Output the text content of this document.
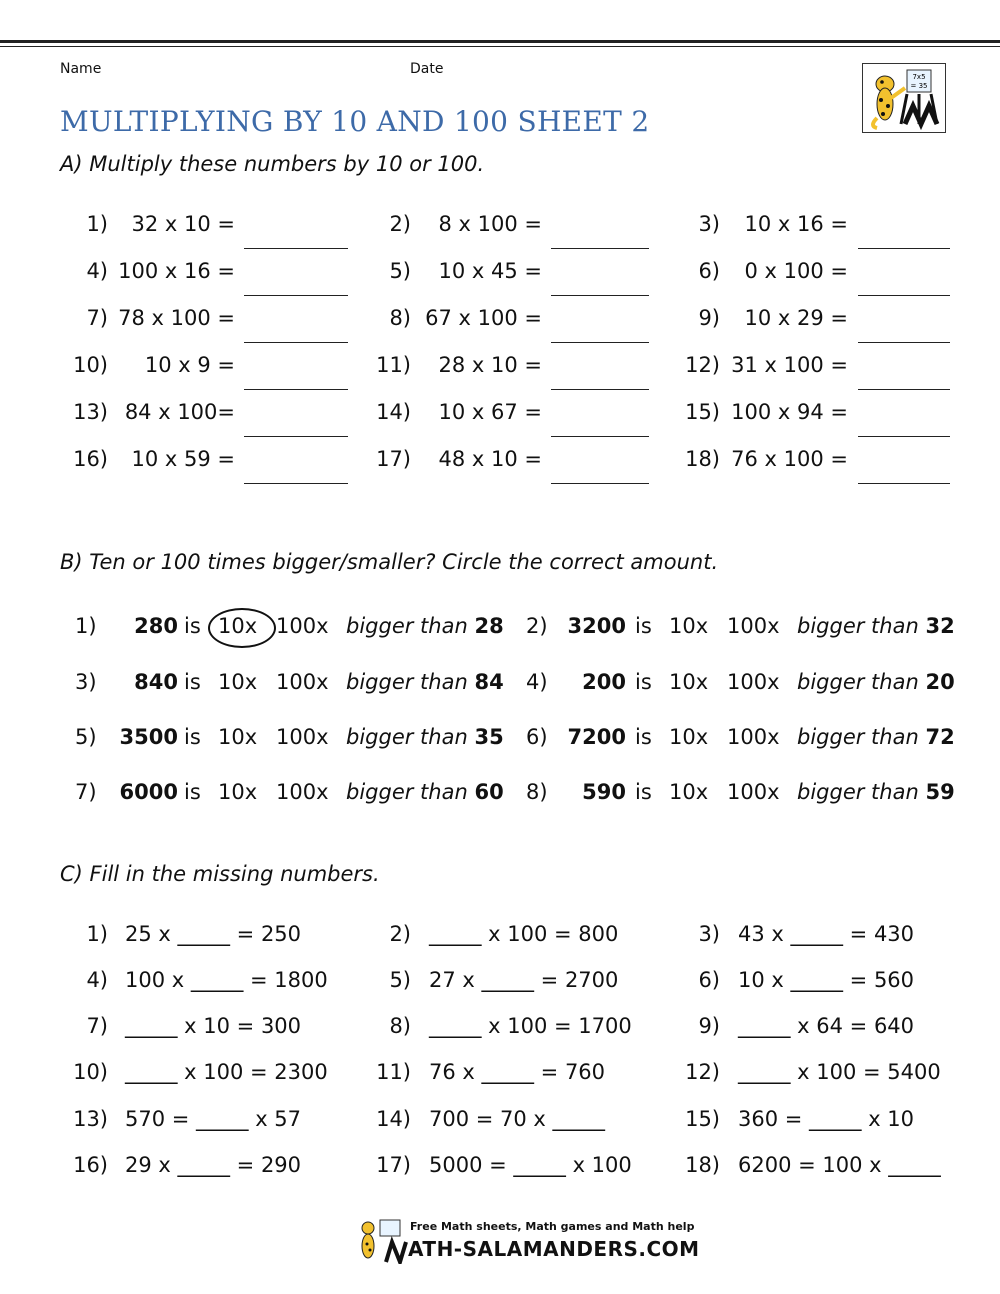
Name	Date	7x5
= 35
MULTIPLYING BY 10 AND 100 SHEET 2
A) Multiply these numbers by 10 or 100.
1)	32 x 10 =	2)	8 x 100 =	3)	10 x 16 =
4) 100 x 16 =	5)	10 x 45 =	6)	0 x 100 =
7) 78 x 100 =	8) 67 x 100 =	9)	10 x 29 =
10)	10 x 9 =	11)	28 x 10 =	12) 31 x 100 =
13) 84 x 100=	14)	10 x 67 =	15) 100 x 94 =
16)	10 x 59 =	17)	48 x 10 =	18) 76 x 100 =
B) Ten or 100 times bigger/smaller? Circle the correct amount.
1)	280 is 10x 100x bigger than 28 2) 3200 is 10x 100x bigger than 32
3)	840 is 10x 100x bigger than 84 4)	200 is 10x 100x bigger than 20
5) 3500 is 10x 100x bigger than 35 6) 7200 is 10x 100x bigger than 72
7) 6000 is 10x 100x bigger than 60 8)	590 is 10x 100x bigger than 59
C) Fill in the missing numbers.
1) 25 x _____ = 250	2) _____ x 100 = 800	3) 43 x _____ = 430
4) 100 x _____ = 1800	5) 27 x _____ = 2700	6) 10 x _____ = 560
7) _____ x 10 = 300	8) _____ x 100 = 1700	9) _____ x 64 = 640
10) _____ x 100 = 2300	11) 76 x _____ = 760	12) _____ x 100 = 5400
13) 570 = _____ x 57	14) 700 = 70 x _____	15) 360 = _____ x 10
16) 29 x _____ = 290	17) 5000 = _____ x 100	18) 6200 = 100 x _____
Free Math sheets, Math games and Math help
ATH-SALAMANDERS.COM
